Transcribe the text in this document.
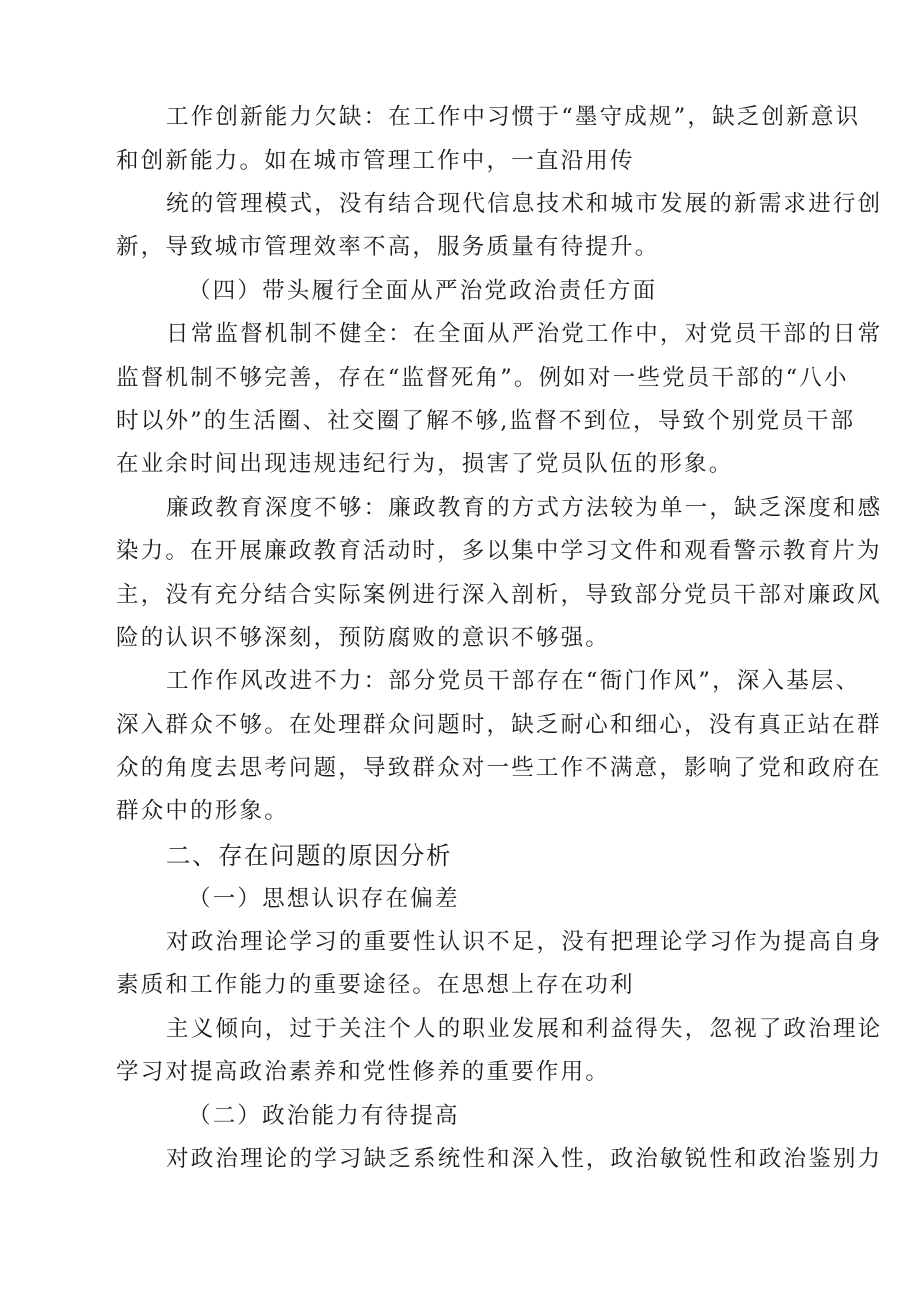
工作创新能力欠缺：在工作中习惯于“墨守成规”，缺乏创新意识
和创新能力。如在城市管理工作中，一直沿用传
统的管理模式，没有结合现代信息技术和城市发展的新需求进行创
新，导致城市管理效率不高，服务质量有待提升。
（四）带头履行全面从严治党政治责任方面
日常监督机制不健全：在全面从严治党工作中，对党员干部的日常
监督机制不够完善，存在“监督死角”。例如对一些党员干部的“八小
时以外”的生活圈、社交圈了解不够,监督不到位，导致个别党员干部
在业余时间出现违规违纪行为，损害了党员队伍的形象。
廉政教育深度不够：廉政教育的方式方法较为单一，缺乏深度和感
染力。在开展廉政教育活动时，多以集中学习文件和观看警示教育片为
主，没有充分结合实际案例进行深入剖析，导致部分党员干部对廉政风
险的认识不够深刻，预防腐败的意识不够强。
工作作风改进不力：部分党员干部存在“衙门作风”，深入基层、
深入群众不够。在处理群众问题时，缺乏耐心和细心，没有真正站在群
众的角度去思考问题，导致群众对一些工作不满意，影响了党和政府在
群众中的形象。
二、存在问题的原因分析
（一）思想认识存在偏差
对政治理论学习的重要性认识不足，没有把理论学习作为提高自身
素质和工作能力的重要途径。在思想上存在功利
主义倾向，过于关注个人的职业发展和利益得失，忽视了政治理论
学习对提高政治素养和党性修养的重要作用。
（二）政治能力有待提高
对政治理论的学习缺乏系统性和深入性，政治敏锐性和政治鉴别力
